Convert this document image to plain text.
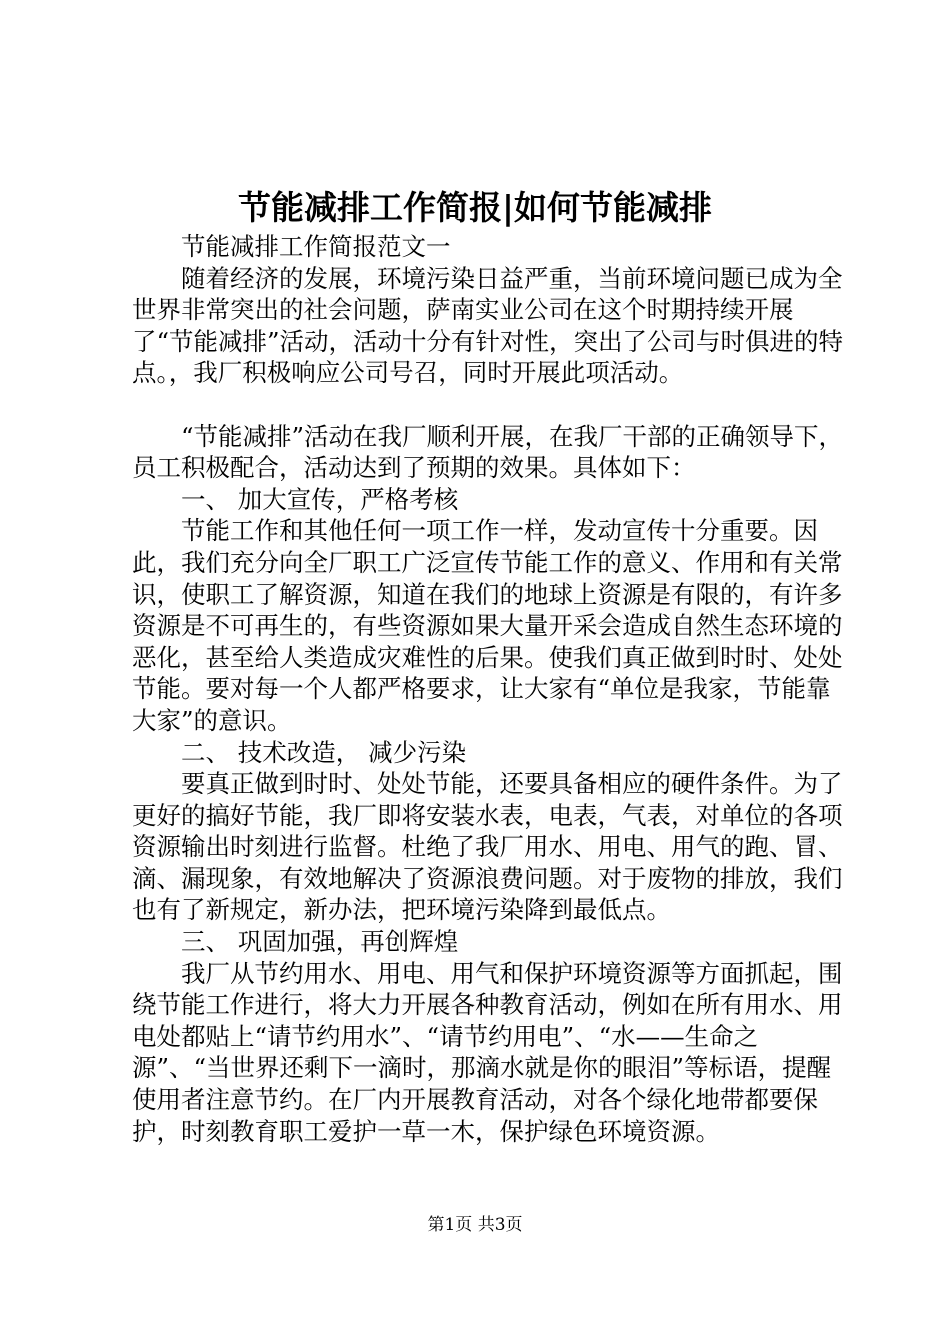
节能减排工作简报|如何节能减排

节能减排工作简报范文一

随着经济的发展，环境污染日益严重，当前环境问题已成为全世界非常突出的社会问题，萨南实业公司在这个时期持续开展了“节能减排”活动，活动十分有针对性，突出了公司与时俱进的特点。，我厂积极响应公司号召，同时开展此项活动。

“节能减排”活动在我厂顺利开展，在我厂干部的正确领导下，员工积极配合，活动达到了预期的效果。具体如下：

一、 加大宣传，严格考核

节能工作和其他任何一项工作一样，发动宣传十分重要。因此，我们充分向全厂职工广泛宣传节能工作的意义、作用和有关常识，使职工了解资源，知道在我们的地球上资源是有限的，有许多资源是不可再生的，有些资源如果大量开采会造成自然生态环境的恶化，甚至给人类造成灾难性的后果。使我们真正做到时时、处处节能。要对每一个人都严格要求，让大家有“单位是我家，节能靠大家”的意识。

二、 技术改造， 减少污染

要真正做到时时、处处节能，还要具备相应的硬件条件。为了更好的搞好节能，我厂即将安装水表，电表，气表，对单位的各项资源输出时刻进行监督。杜绝了我厂用水、用电、用气的跑、冒、滴、漏现象，有效地解决了资源浪费问题。对于废物的排放，我们也有了新规定，新办法，把环境污染降到最低点。

三、 巩固加强，再创辉煌

我厂从节约用水、用电、用气和保护环境资源等方面抓起，围绕节能工作进行，将大力开展各种教育活动，例如在所有用水、用电处都贴上“请节约用水”、“请节约用电”、“水——生命之源”、“当世界还剩下一滴时，那滴水就是你的眼泪”等标语，提醒使用者注意节约。在厂内开展教育活动，对各个绿化地带都要保护，时刻教育职工爱护一草一木，保护绿色环境资源。

第1页 共3页
